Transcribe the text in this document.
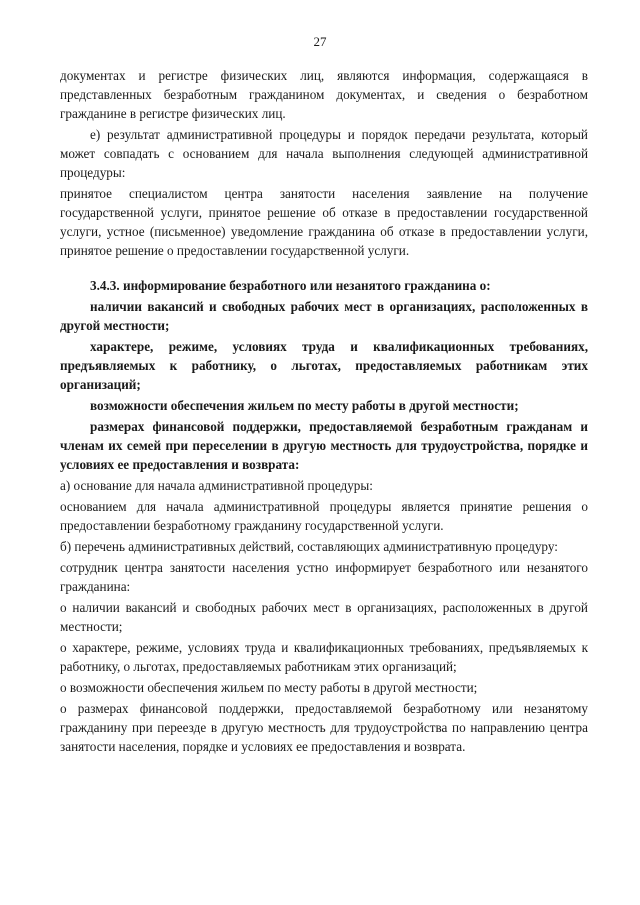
27

документах и регистре физических лиц, являются информация, содержащаяся в представленных безработным гражданином документах, и сведения о безработном гражданине в регистре физических лиц.

е) результат административной процедуры и порядок передачи результата, который может совпадать с основанием для начала выполнения следующей административной процедуры:

принятое специалистом центра занятости населения заявление на получение государственной услуги, принятое решение об отказе в предоставлении государственной услуги, устное (письменное) уведомление гражданина об отказе в предоставлении услуги, принятое решение о предоставлении государственной услуги.

3.4.3. информирование безработного или незанятого гражданина о:

наличии вакансий и свободных рабочих мест в организациях, расположенных в другой местности;

характере, режиме, условиях труда и квалификационных требованиях, предъявляемых к работнику, о льготах, предоставляемых работникам этих организаций;

возможности обеспечения жильем по месту работы в другой местности;

размерах финансовой поддержки, предоставляемой безработным гражданам и членам их семей при переселении в другую местность для трудоустройства, порядке и условиях ее предоставления и возврата:

а) основание для начала административной процедуры:

основанием для начала административной процедуры является принятие решения о предоставлении безработному гражданину государственной услуги.

б) перечень административных действий, составляющих административную процедуру:

сотрудник центра занятости населения устно информирует безработного или незанятого гражданина:

о наличии вакансий и свободных рабочих мест в организациях, расположенных в другой местности;

о характере, режиме, условиях труда и квалификационных требованиях, предъявляемых к работнику, о льготах, предоставляемых работникам этих организаций;

о возможности обеспечения жильем по месту работы в другой местности;

о размерах финансовой поддержки, предоставляемой безработному или незанятому гражданину при переезде в другую местность для трудоустройства по направлению центра занятости населения, порядке и условиях ее предоставления и возврата.
